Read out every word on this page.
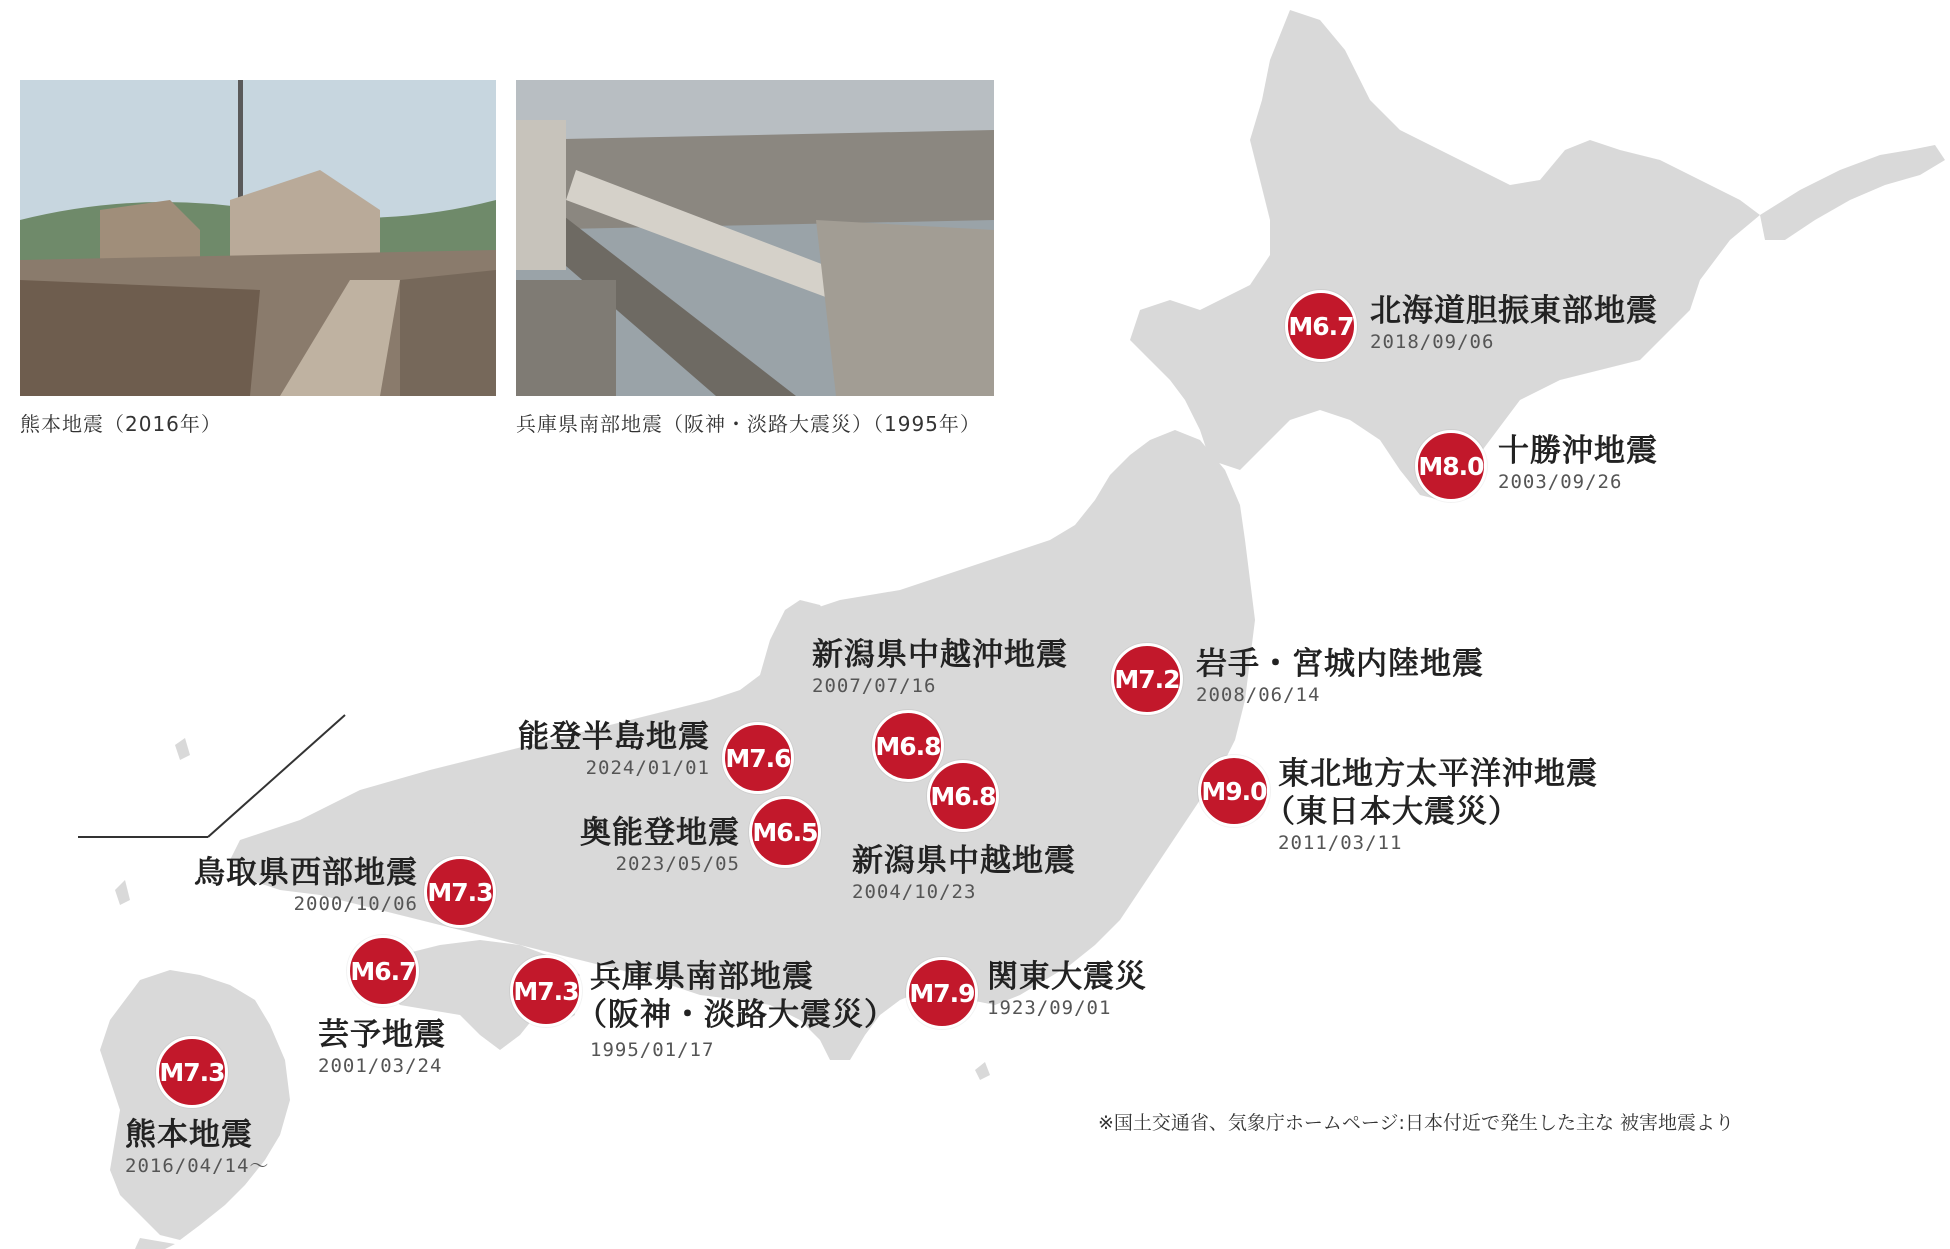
熊本地震（2016年）	兵庫県南部地震（阪神・淡路大震災）（1995年）
M6.7 北海道胆振東部地震
2018/09/06
M8.0 十勝沖地震
2003/09/26
M7.2 岩手・宮城内陸地震
2008/06/14
M9.0 東北地方太平洋沖地震
（東日本大震災）
2011/03/11
新潟県中越沖地震
2007/07/16
M6.8
M6.8
新潟県中越地震
2004/10/23
能登半島地震
2024/01/01 M7.6
奥能登地震
2023/05/05
M6.5
鳥取県西部地震
2000/10/06 M7.3
M6.7
芸予地震
2001/03/24
M7.3 兵庫県南部地震
（阪神・淡路大震災）
1995/01/17
M7.9 関東大震災
1923/09/01
M7.3
熊本地震
2016/04/14～
※国土交通省、気象庁ホームページ:日本付近で発生した主な 被害地震より
